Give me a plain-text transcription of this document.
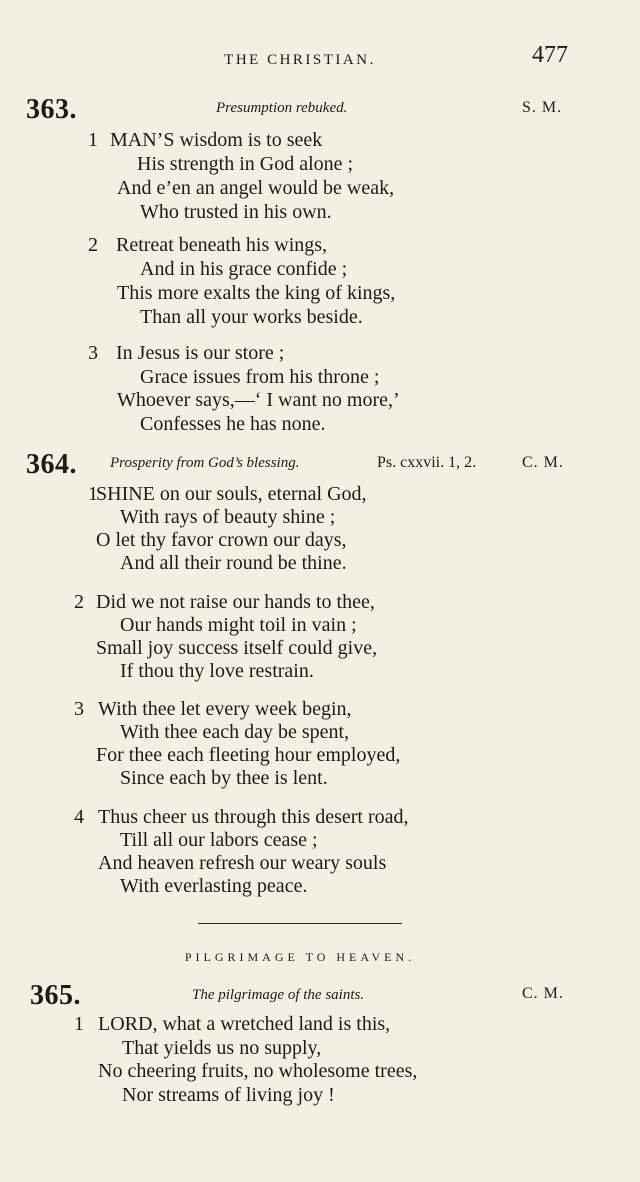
THE CHRISTIAN.	477
363.	Presumption rebuked.	S. M.
1 MAN’S wisdom is to seek
His strength in God alone ;
And e’en an angel would be weak,
Who trusted in his own.
2 Retreat beneath his wings,
And in his grace confide ;
This more exalts the king of kings,
Than all your works beside.
3 In Jesus is our store ;
Grace issues from his throne ;
Whoever says,—‘ I want no more,’
Confesses he has none.
364. Prosperity from God’s blessing.	Ps. cxxvii. 1, 2.	C. M.
1
SHINE on our souls, eternal God,
With rays of beauty shine ;
O let thy favor crown our days,
And all their round be thine.
2 Did we not raise our hands to thee,
Our hands might toil in vain ;
Small joy success itself could give,
If thou thy love restrain.
3 With thee let every week begin,
With thee each day be spent,
For thee each fleeting hour employed,
Since each by thee is lent.
4 Thus cheer us through this desert road,
Till all our labors cease ;
And heaven refresh our weary souls
With everlasting peace.
PILGRIMAGE TO HEAVEN.
365.	The pilgrimage of the saints.	C. M.
1 LORD, what a wretched land is this,
That yields us no supply,
No cheering fruits, no wholesome trees,
Nor streams of living joy !
